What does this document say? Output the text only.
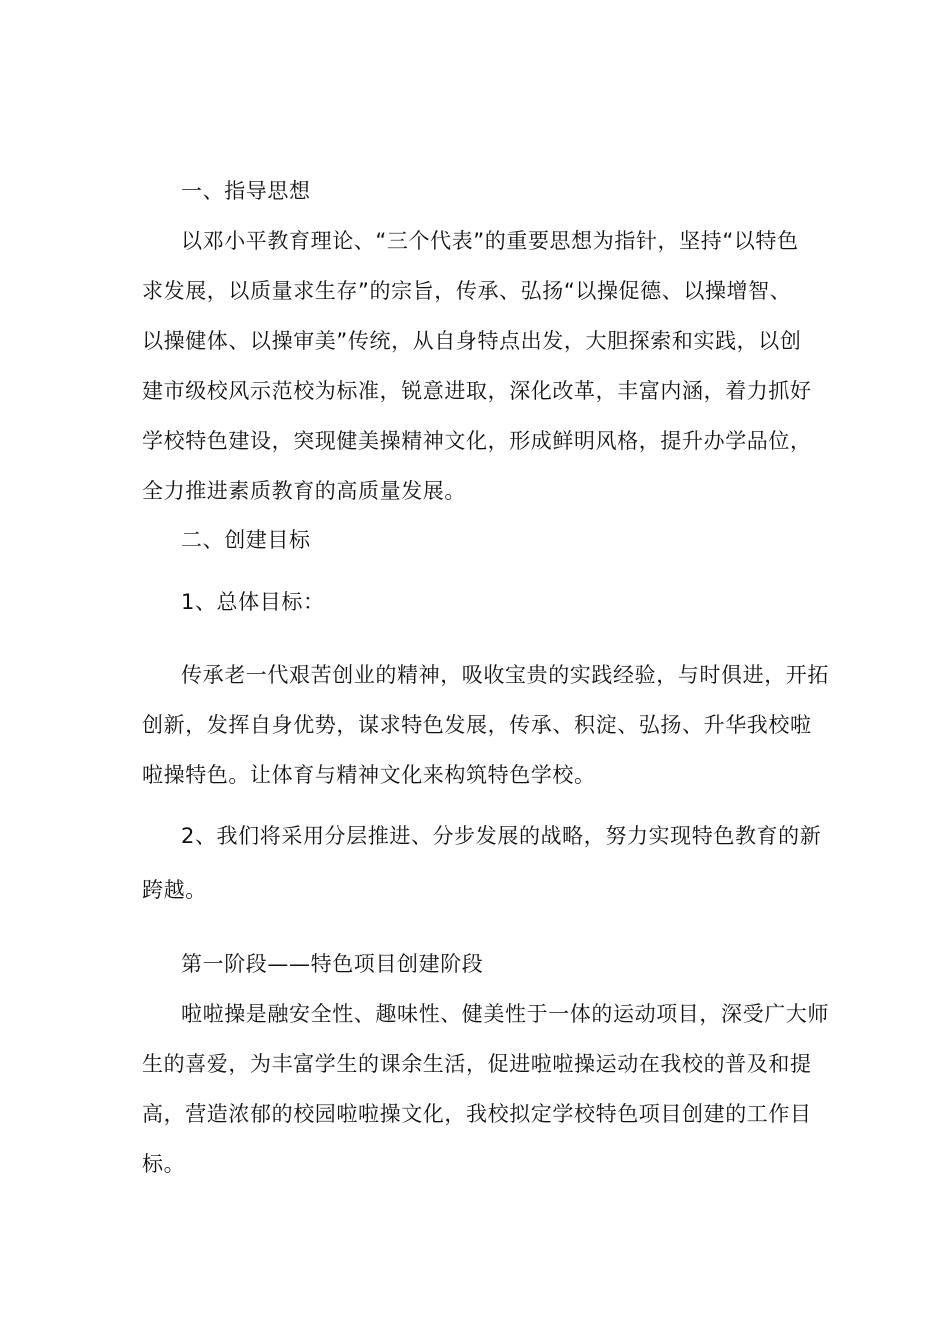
一、指导思想
以邓小平教育理论、“三个代表”的重要思想为指针，坚持“以特色
求发展，以质量求生存”的宗旨，传承、弘扬“以操促德、以操增智、
以操健体、以操审美”传统，从自身特点出发，大胆探索和实践，以创
建市级校风示范校为标准，锐意进取，深化改革，丰富内涵，着力抓好
学校特色建设，突现健美操精神文化，形成鲜明风格，提升办学品位，
全力推进素质教育的高质量发展。
二、创建目标
1、总体目标：
传承老一代艰苦创业的精神，吸收宝贵的实践经验，与时俱进，开拓
创新，发挥自身优势，谋求特色发展，传承、积淀、弘扬、升华我校啦
啦操特色。让体育与精神文化来构筑特色学校。
2、我们将采用分层推进、分步发展的战略，努力实现特色教育的新
跨越。
第一阶段——特色项目创建阶段
啦啦操是融安全性、趣味性、健美性于一体的运动项目，深受广大师
生的喜爱，为丰富学生的课余生活，促进啦啦操运动在我校的普及和提
高，营造浓郁的校园啦啦操文化，我校拟定学校特色项目创建的工作目
标。
